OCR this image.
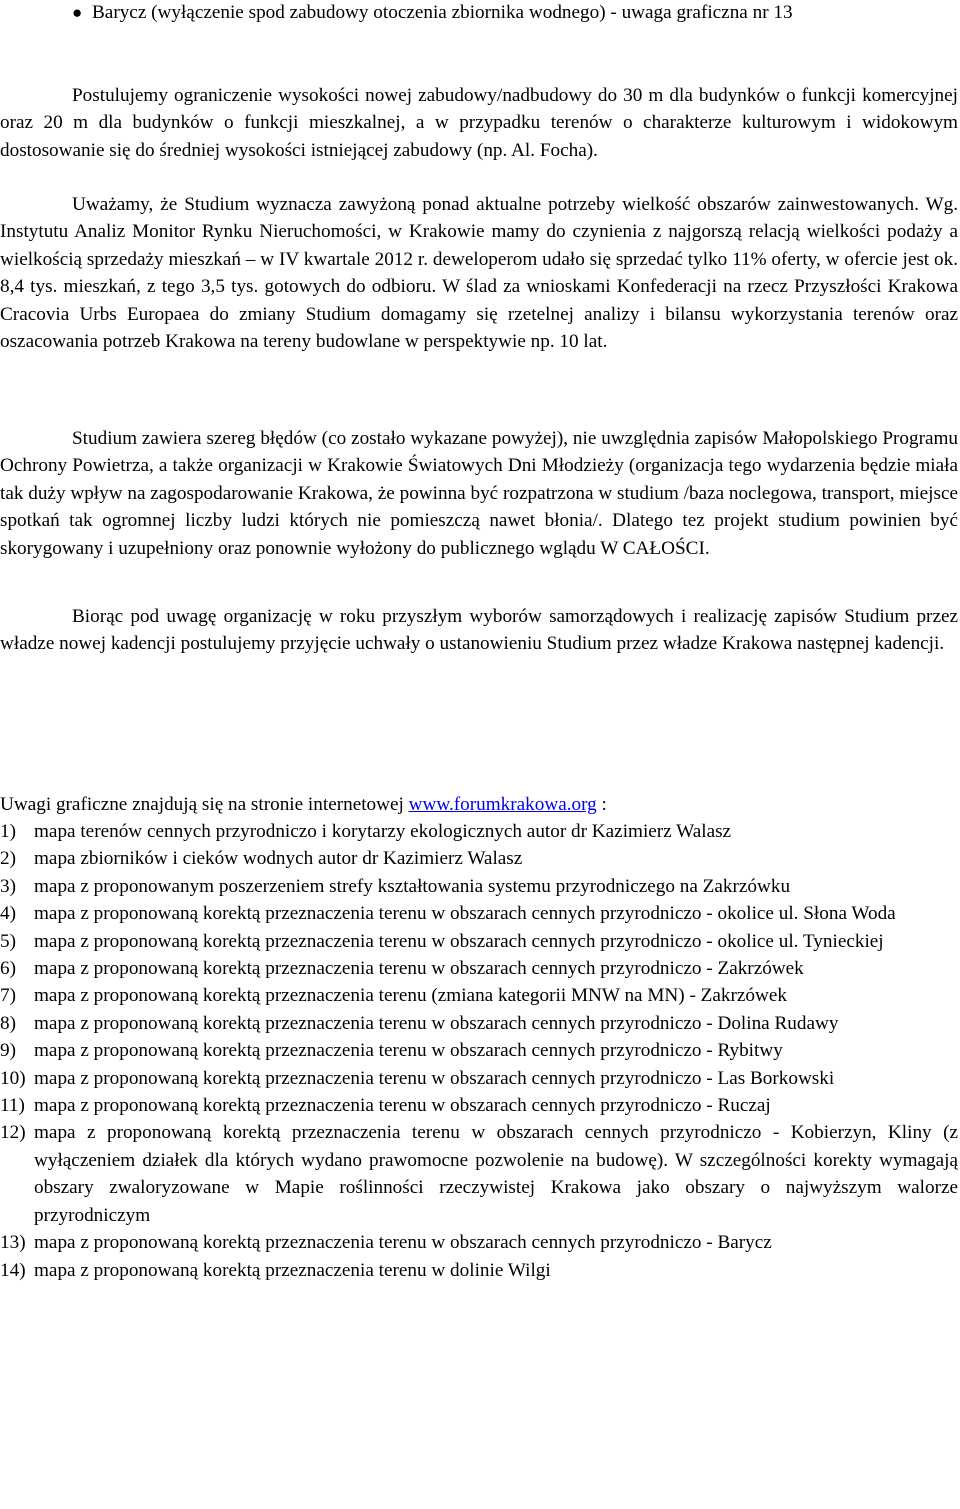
● Barycz (wyłączenie spod zabudowy otoczenia zbiornika wodnego) - uwaga graficzna nr 13

Postulujemy ograniczenie wysokości nowej zabudowy/nadbudowy do 30 m dla budynków o funkcji komercyjnej oraz 20 m dla budynków o funkcji mieszkalnej, a w przypadku terenów o charakterze kulturowym i widokowym dostosowanie się do średniej wysokości istniejącej zabudowy (np. Al. Focha).

Uważamy, że Studium wyznacza zawyżoną ponad aktualne potrzeby wielkość obszarów zainwestowanych. Wg. Instytutu Analiz Monitor Rynku Nieruchomości, w Krakowie mamy do czynienia z najgorszą relacją wielkości podaży a wielkością sprzedaży mieszkań – w IV kwartale 2012 r. deweloperom udało się sprzedać tylko 11% oferty, w ofercie jest ok. 8,4 tys. mieszkań, z tego 3,5 tys. gotowych do odbioru. W ślad za wnioskami Konfederacji na rzecz Przyszłości Krakowa Cracovia Urbs Europaea do zmiany Studium domagamy się rzetelnej analizy i bilansu wykorzystania terenów oraz oszacowania potrzeb Krakowa na tereny budowlane w perspektywie np. 10 lat.

Studium zawiera szereg błędów (co zostało wykazane powyżej), nie uwzględnia zapisów Małopolskiego Programu Ochrony Powietrza, a także organizacji w Krakowie Światowych Dni Młodzieży (organizacja tego wydarzenia będzie miała tak duży wpływ na zagospodarowanie Krakowa, że powinna być rozpatrzona w studium /baza noclegowa, transport, miejsce spotkań tak ogromnej liczby ludzi których nie pomieszczą nawet błonia/. Dlatego tez projekt studium powinien być skorygowany i uzupełniony oraz ponownie wyłożony do publicznego wglądu W CAŁOŚCI.

Biorąc pod uwagę organizację w roku przyszłym wyborów samorządowych i realizację zapisów Studium przez władze nowej kadencji postulujemy przyjęcie uchwały o ustanowieniu Studium przez władze Krakowa następnej kadencji.

Uwagi graficzne znajdują się na stronie internetowej www.forumkrakowa.org :
1) mapa terenów cennych przyrodniczo i korytarzy ekologicznych autor dr Kazimierz Walasz
2) mapa zbiorników i cieków wodnych autor dr Kazimierz Walasz
3) mapa z proponowanym poszerzeniem strefy kształtowania systemu przyrodniczego na Zakrzówku
4) mapa z proponowaną korektą przeznaczenia terenu w obszarach cennych przyrodniczo - okolice ul. Słona Woda
5) mapa z proponowaną korektą przeznaczenia terenu w obszarach cennych przyrodniczo - okolice ul. Tynieckiej
6) mapa z proponowaną korektą przeznaczenia terenu w obszarach cennych przyrodniczo - Zakrzówek
7) mapa z proponowaną korektą przeznaczenia terenu (zmiana kategorii MNW na MN) - Zakrzówek
8) mapa z proponowaną korektą przeznaczenia terenu w obszarach cennych przyrodniczo - Dolina Rudawy
9) mapa z proponowaną korektą przeznaczenia terenu w obszarach cennych przyrodniczo - Rybitwy
10) mapa z proponowaną korektą przeznaczenia terenu w obszarach cennych przyrodniczo - Las Borkowski
11) mapa z proponowaną korektą przeznaczenia terenu w obszarach cennych przyrodniczo - Ruczaj
12) mapa z proponowaną korektą przeznaczenia terenu w obszarach cennych przyrodniczo - Kobierzyn, Kliny (z wyłączeniem działek dla których wydano prawomocne pozwolenie na budowę). W szczególności korekty wymagają obszary zwaloryzowane w Mapie roślinności rzeczywistej Krakowa jako obszary o najwyższym walorze przyrodniczym
13) mapa z proponowaną korektą przeznaczenia terenu w obszarach cennych przyrodniczo - Barycz
14) mapa z proponowaną korektą przeznaczenia terenu w dolinie Wilgi
